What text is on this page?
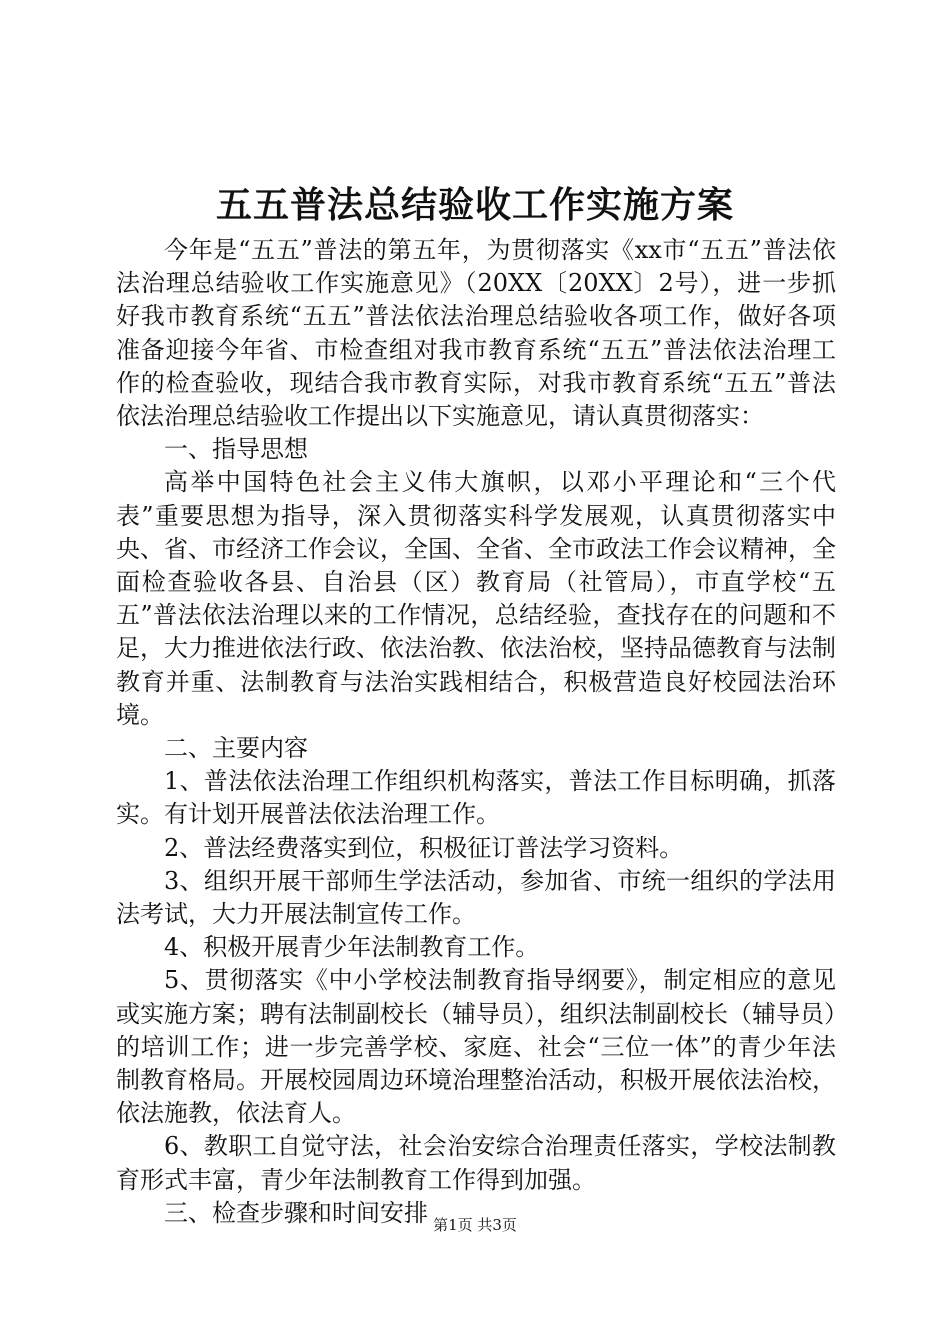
五五普法总结验收工作实施方案

今年是“五五”普法的第五年，为贯彻落实《xx市“五五”普法依法治理总结验收工作实施意见》（20XX〔20XX〕2号），进一步抓好我市教育系统“五五”普法依法治理总结验收各项工作，做好各项准备迎接今年省、市检查组对我市教育系统“五五”普法依法治理工作的检查验收，现结合我市教育实际，对我市教育系统“五五”普法依法治理总结验收工作提出以下实施意见，请认真贯彻落实：

一、指导思想

高举中国特色社会主义伟大旗帜，以邓小平理论和“三个代表”重要思想为指导，深入贯彻落实科学发展观，认真贯彻落实中央、省、市经济工作会议，全国、全省、全市政法工作会议精神，全面检查验收各县、自治县（区）教育局（社管局），市直学校“五五”普法依法治理以来的工作情况，总结经验，查找存在的问题和不足，大力推进依法行政、依法治教、依法治校，坚持品德教育与法制教育并重、法制教育与法治实践相结合，积极营造良好校园法治环境。

二、主要内容

1、普法依法治理工作组织机构落实，普法工作目标明确，抓落实。有计划开展普法依法治理工作。

2、普法经费落实到位，积极征订普法学习资料。

3、组织开展干部师生学法活动，参加省、市统一组织的学法用法考试，大力开展法制宣传工作。

4、积极开展青少年法制教育工作。

5、贯彻落实《中小学校法制教育指导纲要》，制定相应的意见或实施方案；聘有法制副校长（辅导员），组织法制副校长（辅导员）的培训工作；进一步完善学校、家庭、社会“三位一体”的青少年法制教育格局。开展校园周边环境治理整治活动，积极开展依法治校，依法施教，依法育人。

6、教职工自觉守法，社会治安综合治理责任落实，学校法制教育形式丰富，青少年法制教育工作得到加强。

三、检查步骤和时间安排 第1页 共3页
